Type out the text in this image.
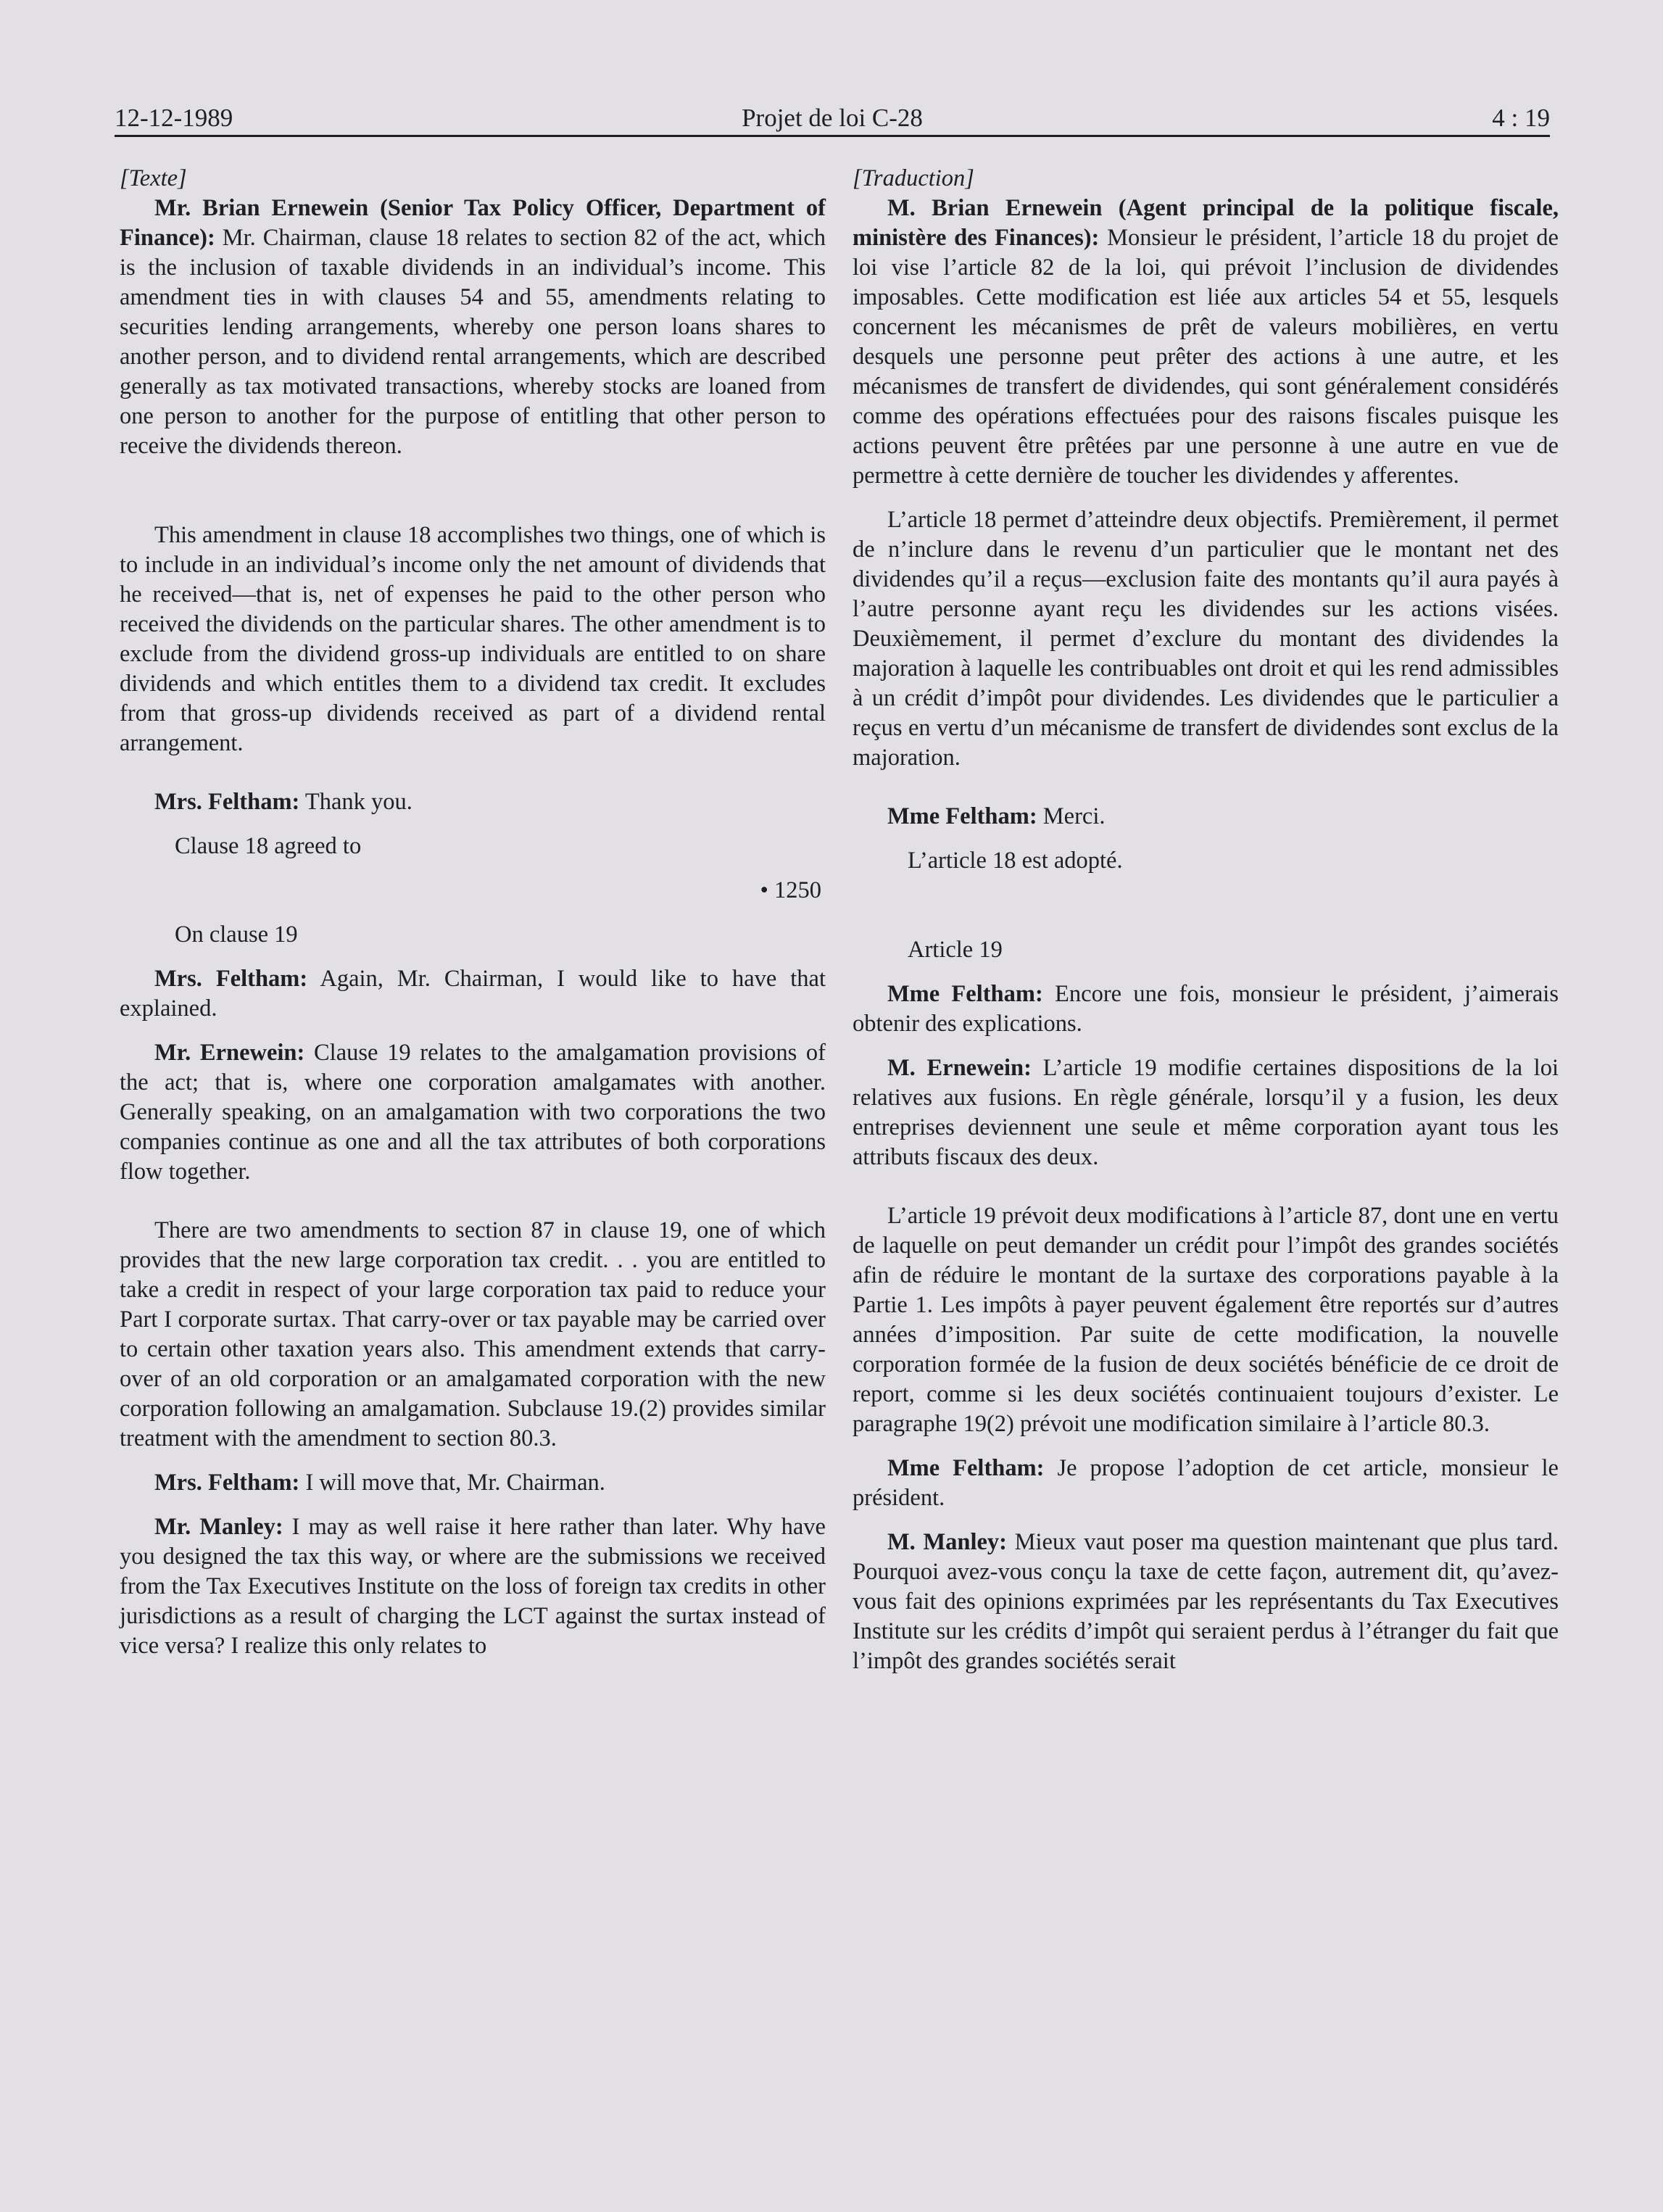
12-12-1989	Projet de loi C-28	4 : 19

[Texte]

Mr. Brian Ernewein (Senior Tax Policy Officer, Department of Finance): Mr. Chairman, clause 18 relates to section 82 of the act, which is the inclusion of taxable dividends in an individual’s income. This amendment ties in with clauses 54 and 55, amendments relating to securities lending arrangements, whereby one person loans shares to another person, and to dividend rental arrangements, which are described generally as tax motivated transactions, whereby stocks are loaned from one person to another for the purpose of entitling that other person to receive the dividends thereon.

This amendment in clause 18 accomplishes two things, one of which is to include in an individual’s income only the net amount of dividends that he received—that is, net of expenses he paid to the other person who received the dividends on the particular shares. The other amendment is to exclude from the dividend gross-up individuals are entitled to on share dividends and which entitles them to a dividend tax credit. It excludes from that gross-up dividends received as part of a dividend rental arrangement.

Mrs. Feltham: Thank you.

Clause 18 agreed to

• 1250

On clause 19

Mrs. Feltham: Again, Mr. Chairman, I would like to have that explained.

Mr. Ernewein: Clause 19 relates to the amalgamation provisions of the act; that is, where one corporation amalgamates with another. Generally speaking, on an amalgamation with two corporations the two companies continue as one and all the tax attributes of both corporations flow together.

There are two amendments to section 87 in clause 19, one of which provides that the new large corporation tax credit. . . you are entitled to take a credit in respect of your large corporation tax paid to reduce your Part I corporate surtax. That carry-over or tax payable may be carried over to certain other taxation years also. This amendment extends that carry-over of an old corporation or an amalgamated corporation with the new corporation following an amalgamation. Subclause 19.(2) provides similar treatment with the amendment to section 80.3.

Mrs. Feltham: I will move that, Mr. Chairman.

Mr. Manley: I may as well raise it here rather than later. Why have you designed the tax this way, or where are the submissions we received from the Tax Executives Institute on the loss of foreign tax credits in other jurisdictions as a result of charging the LCT against the surtax instead of vice versa? I realize this only relates to

[Traduction]

M. Brian Ernewein (Agent principal de la politique fiscale, ministère des Finances): Monsieur le président, l’article 18 du projet de loi vise l’article 82 de la loi, qui prévoit l’inclusion de dividendes imposables. Cette modification est liée aux articles 54 et 55, lesquels concernent les mécanismes de prêt de valeurs mobilières, en vertu desquels une personne peut prêter des actions à une autre, et les mécanismes de transfert de dividendes, qui sont généralement considérés comme des opérations effectuées pour des raisons fiscales puisque les actions peuvent être prêtées par une personne à une autre en vue de permettre à cette dernière de toucher les dividendes y afferentes.

L’article 18 permet d’atteindre deux objectifs. Premièrement, il permet de n’inclure dans le revenu d’un particulier que le montant net des dividendes qu’il a reçus—exclusion faite des montants qu’il aura payés à l’autre personne ayant reçu les dividendes sur les actions visées. Deuxièmement, il permet d’exclure du montant des dividendes la majoration à laquelle les contribuables ont droit et qui les rend admissibles à un crédit d’impôt pour dividendes. Les dividendes que le particulier a reçus en vertu d’un mécanisme de transfert de dividendes sont exclus de la majoration.

Mme Feltham: Merci.

L’article 18 est adopté.

Article 19

Mme Feltham: Encore une fois, monsieur le président, j’aimerais obtenir des explications.

M. Ernewein: L’article 19 modifie certaines dispositions de la loi relatives aux fusions. En règle générale, lorsqu’il y a fusion, les deux entreprises deviennent une seule et même corporation ayant tous les attributs fiscaux des deux.

L’article 19 prévoit deux modifications à l’article 87, dont une en vertu de laquelle on peut demander un crédit pour l’impôt des grandes sociétés afin de réduire le montant de la surtaxe des corporations payable à la Partie 1. Les impôts à payer peuvent également être reportés sur d’autres années d’imposition. Par suite de cette modification, la nouvelle corporation formée de la fusion de deux sociétés bénéficie de ce droit de report, comme si les deux sociétés continuaient toujours d’exister. Le paragraphe 19(2) prévoit une modification similaire à l’article 80.3.

Mme Feltham: Je propose l’adoption de cet article, monsieur le président.

M. Manley: Mieux vaut poser ma question maintenant que plus tard. Pourquoi avez-vous conçu la taxe de cette façon, autrement dit, qu’avez-vous fait des opinions exprimées par les représentants du Tax Executives Institute sur les crédits d’impôt qui seraient perdus à l’étranger du fait que l’impôt des grandes sociétés serait
